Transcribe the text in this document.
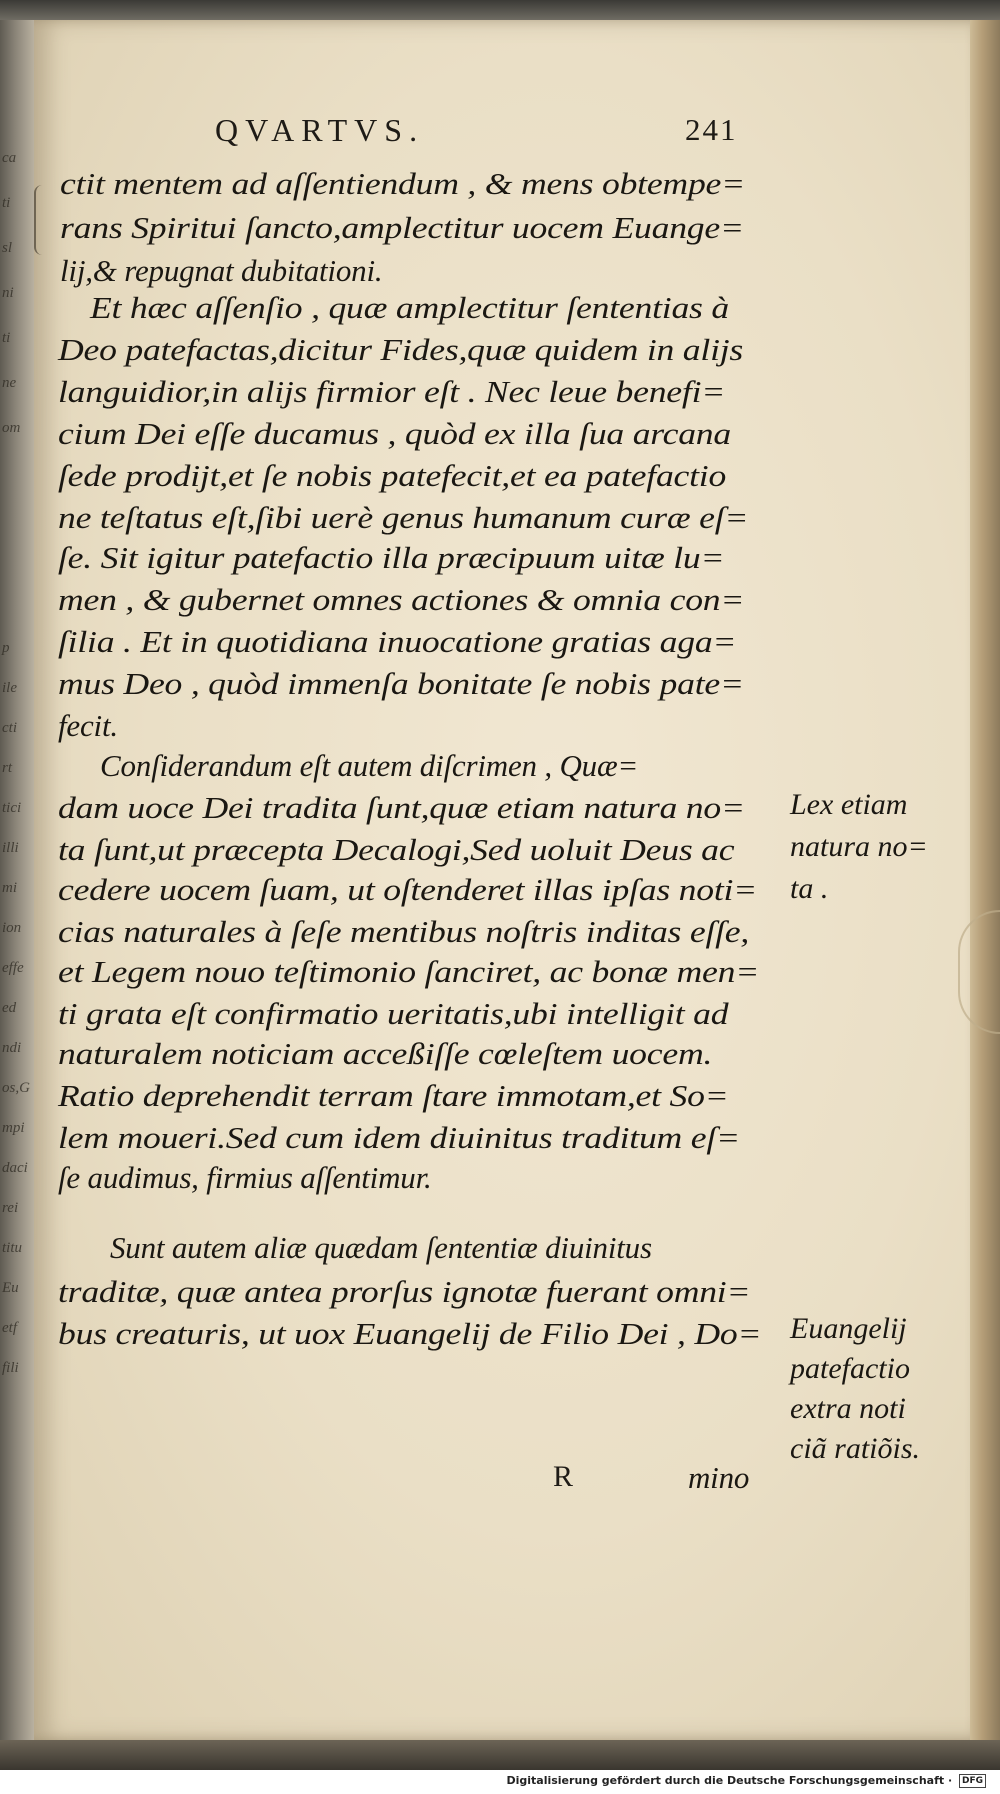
ca
ti
sl
ni
ti
ne
om
p
ile
cti
rt
tici
illi
mi
ion
effe
ed
ndi
os,G
mpi
daci
rei
titu
Eu
etf
fili
QVARTVS.	241
ctit mentem ad aſſentiendum , & mens obtempe=
rans Spiritui ſancto,amplectitur uocem Euange=
lij,& repugnat dubitationi.
Et hæc aſſenſio , quæ amplectitur ſententias à
Deo patefactas,dicitur Fides,quæ quidem in alijs
languidior,in alijs firmior eſt . Nec leue benefi=
cium Dei eſſe ducamus , quòd ex illa ſua arcana
ſede prodijt,et ſe nobis patefecit,et ea patefactio
ne teſtatus eſt,ſibi uerè genus humanum curæ eſ=
ſe. Sit igitur patefactio illa præcipuum uitæ lu=
men , & gubernet omnes actiones & omnia con=
ſilia . Et in quotidiana inuocatione gratias aga=
mus Deo , quòd immenſa bonitate ſe nobis pate=
fecit.
Conſiderandum eſt autem diſcrimen , Quæ=
dam uoce Dei tradita ſunt,quæ etiam natura no=
ta ſunt,ut præcepta Decalogi,Sed uoluit Deus ac
cedere uocem ſuam, ut oſtenderet illas ipſas noti=
cias naturales à ſeſe mentibus noſtris inditas eſſe,
et Legem nouo teſtimonio ſanciret, ac bonæ men=
ti grata eſt confirmatio ueritatis,ubi intelligit ad
naturalem noticiam acceßiſſe cœleſtem uocem.
Ratio deprehendit terram ſtare immotam,et So=
lem moueri.Sed cum idem diuinitus traditum eſ=
ſe audimus, firmius aſſentimur.
Sunt autem aliæ quædam ſententiæ diuinitus
traditæ, quæ antea prorſus ignotæ fuerant omni=
bus creaturis, ut uox Euangelij de Filio Dei , Do=
mino
Lex etiam
natura no=
ta .
Euangelij
patefactio
extra noti
ciã ratiõis.
R
Digitalisierung gefördert durch die Deutsche Forschungsgemeinschaft · DFG
